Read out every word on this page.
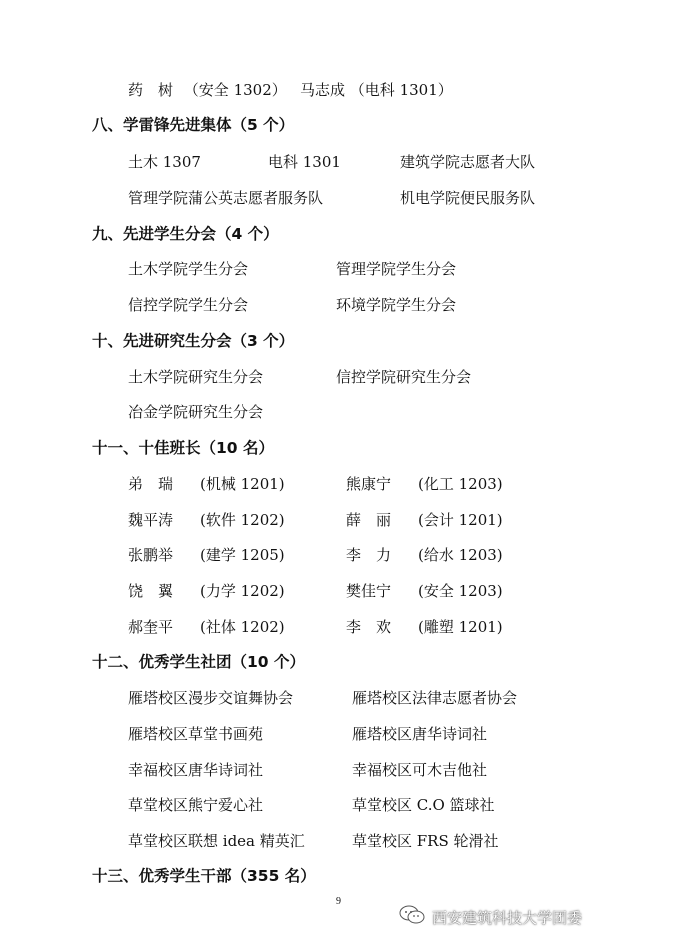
药　树 （安全 1302） 马志成 （电科 1301）
八、学雷锋先进集体（5 个）
土木 1307	电科 1301	建筑学院志愿者大队
管理学院蒲公英志愿者服务队	机电学院便民服务队
九、先进学生分会（4 个）
土木学院学生分会	管理学院学生分会
信控学院学生分会	环境学院学生分会
十、先进研究生分会（3 个）
土木学院研究生分会	信控学院研究生分会
冶金学院研究生分会
十一、十佳班长（10 名）
弟　瑞 (机械 1201)	熊康宁 (化工 1203)
魏平涛 (软件 1202)	薛　丽 (会计 1201)
张鹏举 (建学 1205)	李　力 (给水 1203)
饶　翼 (力学 1202)	樊佳宁 (安全 1203)
郝奎平 (社体 1202)	李　欢 (雕塑 1201)
十二、优秀学生社团（10 个）
雁塔校区漫步交谊舞协会	雁塔校区法律志愿者协会
雁塔校区草堂书画苑	雁塔校区唐华诗词社
幸福校区唐华诗词社	幸福校区可木吉他社
草堂校区熊宁爱心社	草堂校区 C.O 篮球社
草堂校区联想 idea 精英汇	草堂校区 FRS 轮滑社
十三、优秀学生干部（355 名）
9
西安建筑科技大学团委
